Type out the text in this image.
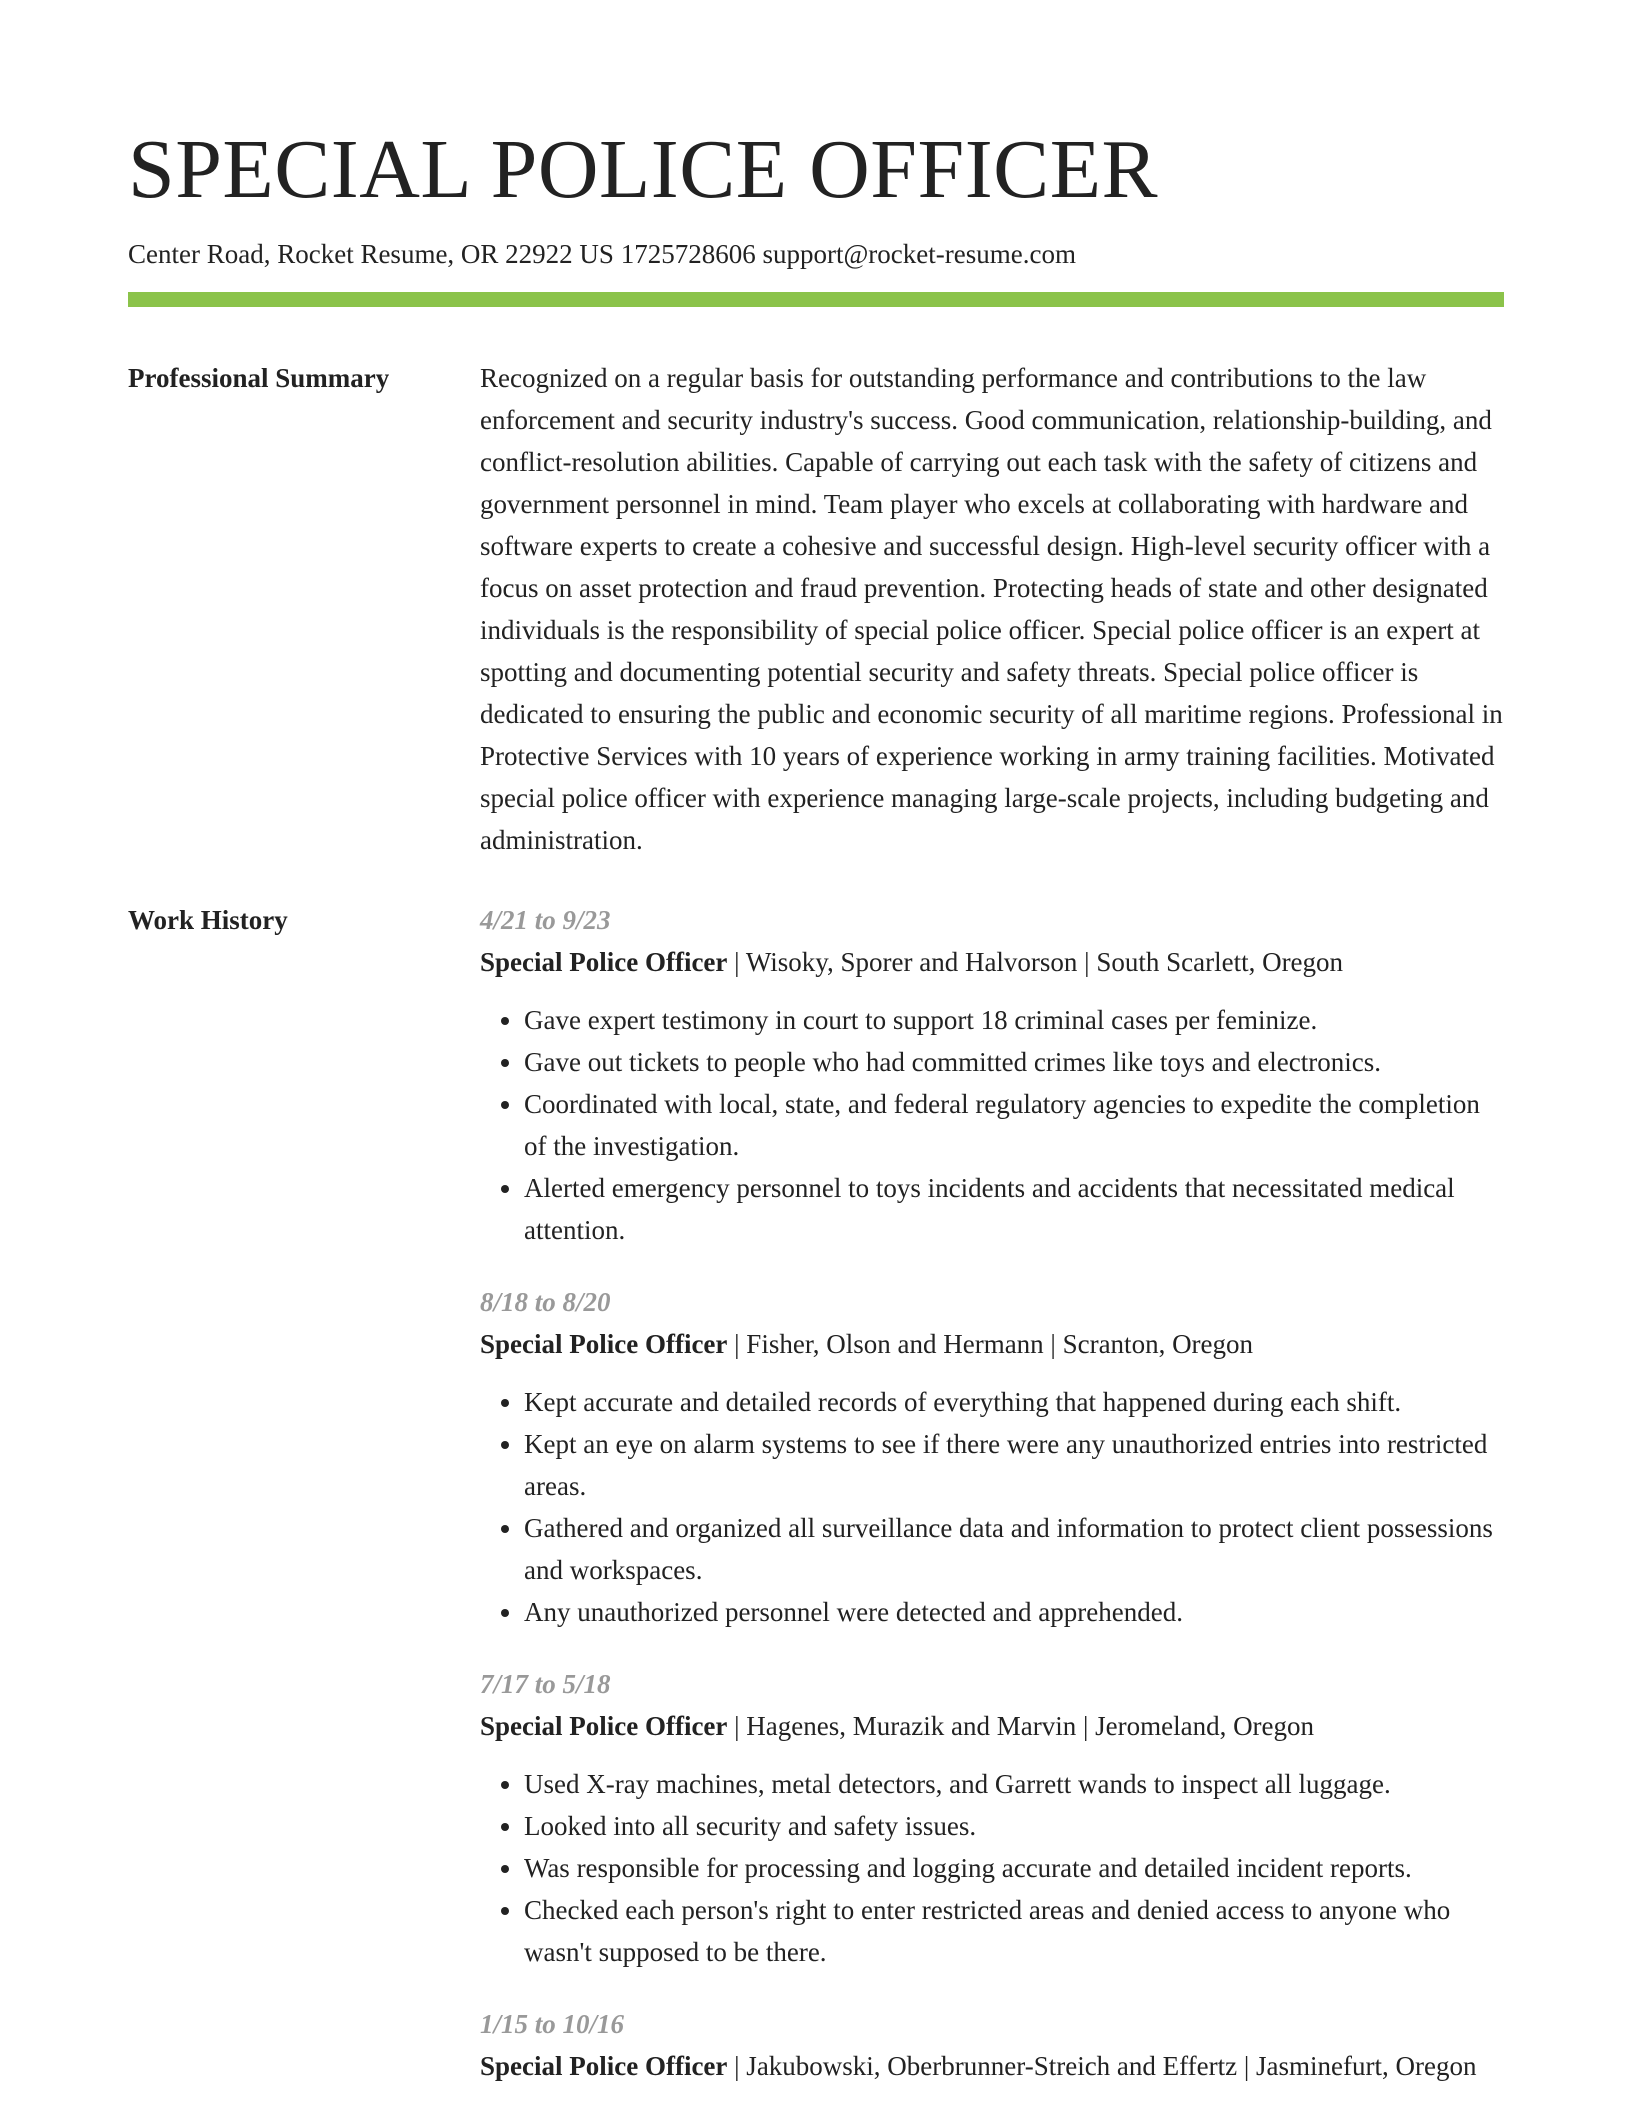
SPECIAL POLICE OFFICER
Center Road, Rocket Resume, OR 22922 US 1725728606 support@rocket-resume.com
Professional Summary	Recognized on a regular basis for outstanding performance and contributions to the law enforcement and security industry's success. Good communication, relationship-building, and conflict-resolution abilities. Capable of carrying out each task with the safety of citizens and government personnel in mind. Team player who excels at collaborating with hardware and software experts to create a cohesive and successful design. High-level security officer with a focus on asset protection and fraud prevention. Protecting heads of state and other designated individuals is the responsibility of special police officer. Special police officer is an expert at spotting and documenting potential security and safety threats. Special police officer is dedicated to ensuring the public and economic security of all maritime regions. Professional in Protective Services with 10 years of experience working in army training facilities. Motivated special police officer with experience managing large-scale projects, including budgeting and administration.

Work History	4/21 to 9/23
Special Police Officer | Wisoky, Sporer and Halvorson | South Scarlett, Oregon
• Gave expert testimony in court to support 18 criminal cases per feminize.
• Gave out tickets to people who had committed crimes like toys and electronics.
• Coordinated with local, state, and federal regulatory agencies to expedite the completion of the investigation.
• Alerted emergency personnel to toys incidents and accidents that necessitated medical attention.
8/18 to 8/20
Special Police Officer | Fisher, Olson and Hermann | Scranton, Oregon
• Kept accurate and detailed records of everything that happened during each shift.
• Kept an eye on alarm systems to see if there were any unauthorized entries into restricted areas.
• Gathered and organized all surveillance data and information to protect client possessions and workspaces.
• Any unauthorized personnel were detected and apprehended.
7/17 to 5/18
Special Police Officer | Hagenes, Murazik and Marvin | Jeromeland, Oregon
• Used X-ray machines, metal detectors, and Garrett wands to inspect all luggage.
• Looked into all security and safety issues.
• Was responsible for processing and logging accurate and detailed incident reports.
• Checked each person's right to enter restricted areas and denied access to anyone who wasn't supposed to be there.
1/15 to 10/16
Special Police Officer | Jakubowski, Oberbrunner-Streich and Effertz | Jasminefurt, Oregon
